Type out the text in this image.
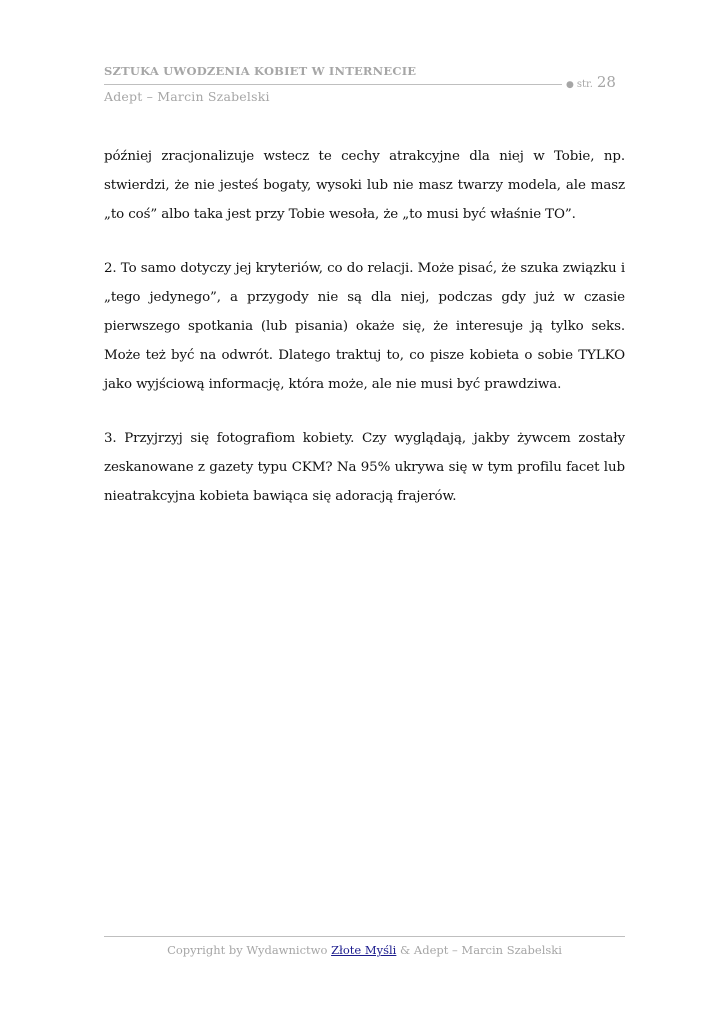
SZTUKA UWODZENIA KOBIET W INTERNECIE
● str. 28
Adept – Marcin Szabelski

później zracjonalizuje wstecz te cechy atrakcyjne dla niej w Tobie, np. stwierdzi, że nie jesteś bogaty, wysoki lub nie masz twarzy modela, ale masz „to coś” albo taka jest przy Tobie wesoła, że „to musi być właśnie TO”.

2. To samo dotyczy jej kryteriów, co do relacji. Może pisać, że szuka związku i „tego jedynego”, a przygody nie są dla niej, podczas gdy już w czasie pierwszego spotkania (lub pisania) okaże się, że interesuje ją tylko seks. Może też być na odwrót. Dlatego traktuj to, co pisze kobieta o sobie TYLKO jako wyjściową informację, która może, ale nie musi być prawdziwa.

3. Przyjrzyj się fotografiom kobiety. Czy wyglądają, jakby żywcem zostały zeskanowane z gazety typu CKM? Na 95% ukrywa się w tym profilu facet lub nieatrakcyjna kobieta bawiąca się adoracją frajerów.

Copyright by Wydawnictwo Złote Myśli & Adept – Marcin Szabelski
